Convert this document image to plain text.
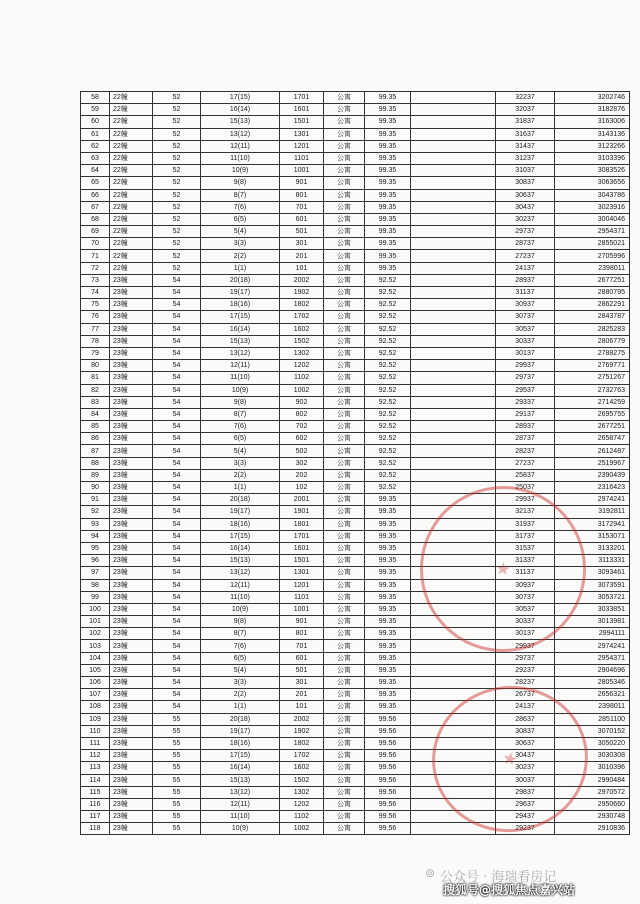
58	22幢	52	17(15)	1701	公寓	99.35		32237	3202746
59	22幢	52	16(14)	1601	公寓	99.35		32037	3182876
60	22幢	52	15(13)	1501	公寓	99.35		31837	3163006
61	22幢	52	13(12)	1301	公寓	99.35		31637	3143136
62	22幢	52	12(11)	1201	公寓	99.35		31437	3123266
63	22幢	52	11(10)	1101	公寓	99.35		31237	3103396
64	22幢	52	10(9)	1001	公寓	99.35		31037	3083526
65	22幢	52	9(8)	901	公寓	99.35		30837	3063656
66	22幢	52	8(7)	801	公寓	99.35		30637	3043786
67	22幢	52	7(6)	701	公寓	99.35		30437	3023916
68	22幢	52	6(5)	601	公寓	99.35		30237	3004046
69	22幢	52	5(4)	501	公寓	99.35		29737	2954371
70	22幢	52	3(3)	301	公寓	99.35		28737	2855021
71	22幢	52	2(2)	201	公寓	99.35		27237	2705996
72	22幢	52	1(1)	101	公寓	99.35		24137	2398011
73	23幢	54	20(18)	2002	公寓	92.52		28937	2677251
74	23幢	54	19(17)	1902	公寓	92.52		31137	2880795
75	23幢	54	18(16)	1802	公寓	92.52		30937	2862291
76	23幢	54	17(15)	1702	公寓	92.52		30737	2843787
77	23幢	54	16(14)	1602	公寓	92.52		30537	2825283
78	23幢	54	15(13)	1502	公寓	92.52		30337	2806779
79	23幢	54	13(12)	1302	公寓	92.52		30137	2788275
80	23幢	54	12(11)	1202	公寓	92.52		29937	2769771
81	23幢	54	11(10)	1102	公寓	92.52		29737	2751267
82	23幢	54	10(9)	1002	公寓	92.52		29537	2732763
83	23幢	54	9(8)	902	公寓	92.52		29337	2714259
84	23幢	54	8(7)	802	公寓	92.52		29137	2695755
85	23幢	54	7(6)	702	公寓	92.52		28937	2677251
86	23幢	54	6(5)	602	公寓	92.52		28737	2658747
87	23幢	54	5(4)	502	公寓	92.52		28237	2612487
88	23幢	54	3(3)	302	公寓	92.52		27237	2519967
89	23幢	54	2(2)	202	公寓	92.52		25837	2390439
90	23幢	54	1(1)	102	公寓	92.52		25037	2316423
91	23幢	54	20(18)	2001	公寓	99.35		29937	2974241
92	23幢	54	19(17)	1901	公寓	99.35		32137	3192811
93	23幢	54	18(16)	1801	公寓	99.35		31937	3172941
94	23幢	54	17(15)	1701	公寓	99.35		31737	3153071
95	23幢	54	16(14)	1601	公寓	99.35		31537	3133201
96	23幢	54	15(13)	1501	公寓	99.35		31337	3113331
97	23幢	54	13(12)	1301	公寓	99.35		31137	3093461
98	23幢	54	12(11)	1201	公寓	99.35		30937	3073591
99	23幢	54	11(10)	1101	公寓	99.35		30737	3053721
100	23幢	54	10(9)	1001	公寓	99.35		30537	3033851
101	23幢	54	9(8)	901	公寓	99.35		30337	3013981
102	23幢	54	8(7)	801	公寓	99.35		30137	2994111
103	23幢	54	7(6)	701	公寓	99.35		29937	2974241
104	23幢	54	6(5)	601	公寓	99.35		29737	2954371
105	23幢	54	5(4)	501	公寓	99.35		29237	2904696
106	23幢	54	3(3)	301	公寓	99.35		28237	2805346
107	23幢	54	2(2)	201	公寓	99.35		26737	2656321
108	23幢	54	1(1)	101	公寓	99.35		24137	2398011
109	23幢	55	20(18)	2002	公寓	99.56		28637	2851100
110	23幢	55	19(17)	1902	公寓	99.56		30837	3070152
111	23幢	55	18(16)	1802	公寓	99.56		30637	3050220
112	23幢	55	17(15)	1702	公寓	99.56		30437	3030308
113	23幢	55	16(14)	1602	公寓	99.56		30237	3010396
114	23幢	55	15(13)	1502	公寓	99.56		30037	2990484
115	23幢	55	13(12)	1302	公寓	99.56		29837	2970572
116	23幢	55	12(11)	1202	公寓	99.56		29637	2950660
117	23幢	55	11(10)	1102	公寓	99.56		29437	2930748
118	23幢	55	10(9)	1002	公寓	99.56		29237	2910836
⊚ 公众号 · 海瑞看房记
搜狐号@搜狐焦点嘉兴站
